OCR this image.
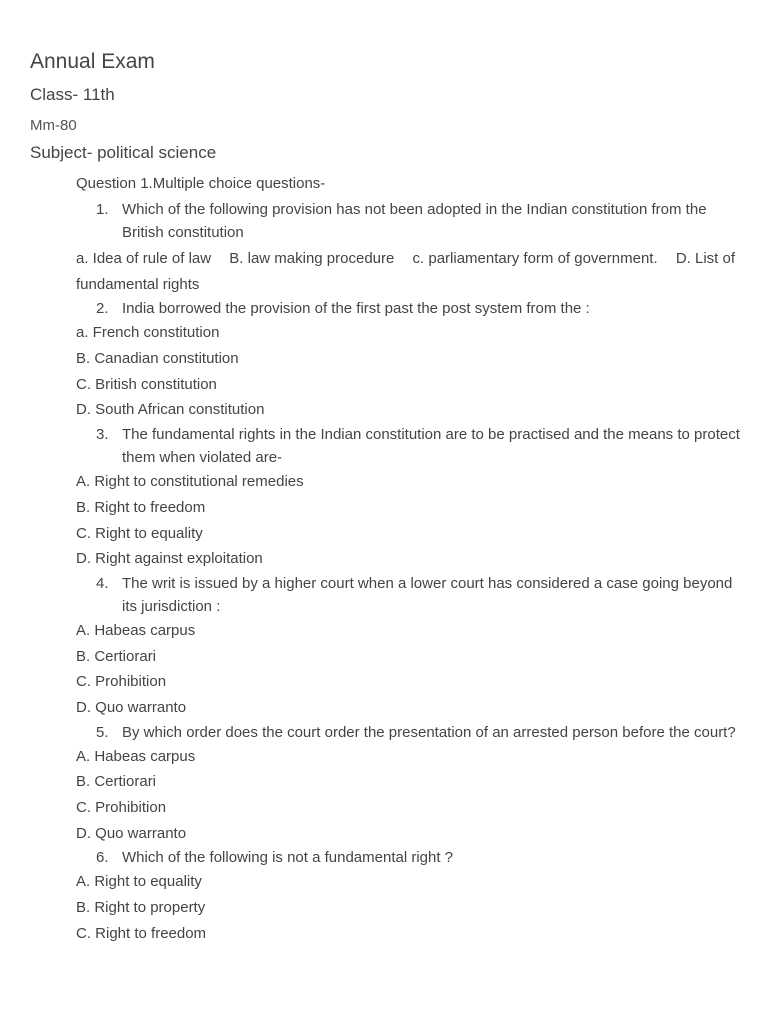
Annual Exam
Class- 11th
Mm-80
Subject- political science
Question 1.Multiple choice questions-
1. Which of the following provision has not been adopted in the Indian constitution from the British constitution
a. Idea of rule of law B. law making procedure c. parliamentary form of government. D. List of fundamental rights
2. India borrowed the provision of the first past the post system from the :
a. French constitution
B. Canadian constitution
C. British constitution
D. South African constitution
3. The fundamental rights in the Indian constitution are to be practised and the means to protect them when violated are-
A. Right to constitutional remedies
B. Right to freedom
C. Right to equality
D. Right against exploitation
4. The writ is issued by a higher court when a lower court has considered a case going beyond its jurisdiction :
A. Habeas carpus
B. Certiorari
C. Prohibition
D. Quo warranto
5. By which order does the court order the presentation of an arrested person before the court?
A. Habeas carpus
B. Certiorari
C. Prohibition
D. Quo warranto
6. Which of the following is not a fundamental right ?
A. Right to equality
B. Right to property
C. Right to freedom
